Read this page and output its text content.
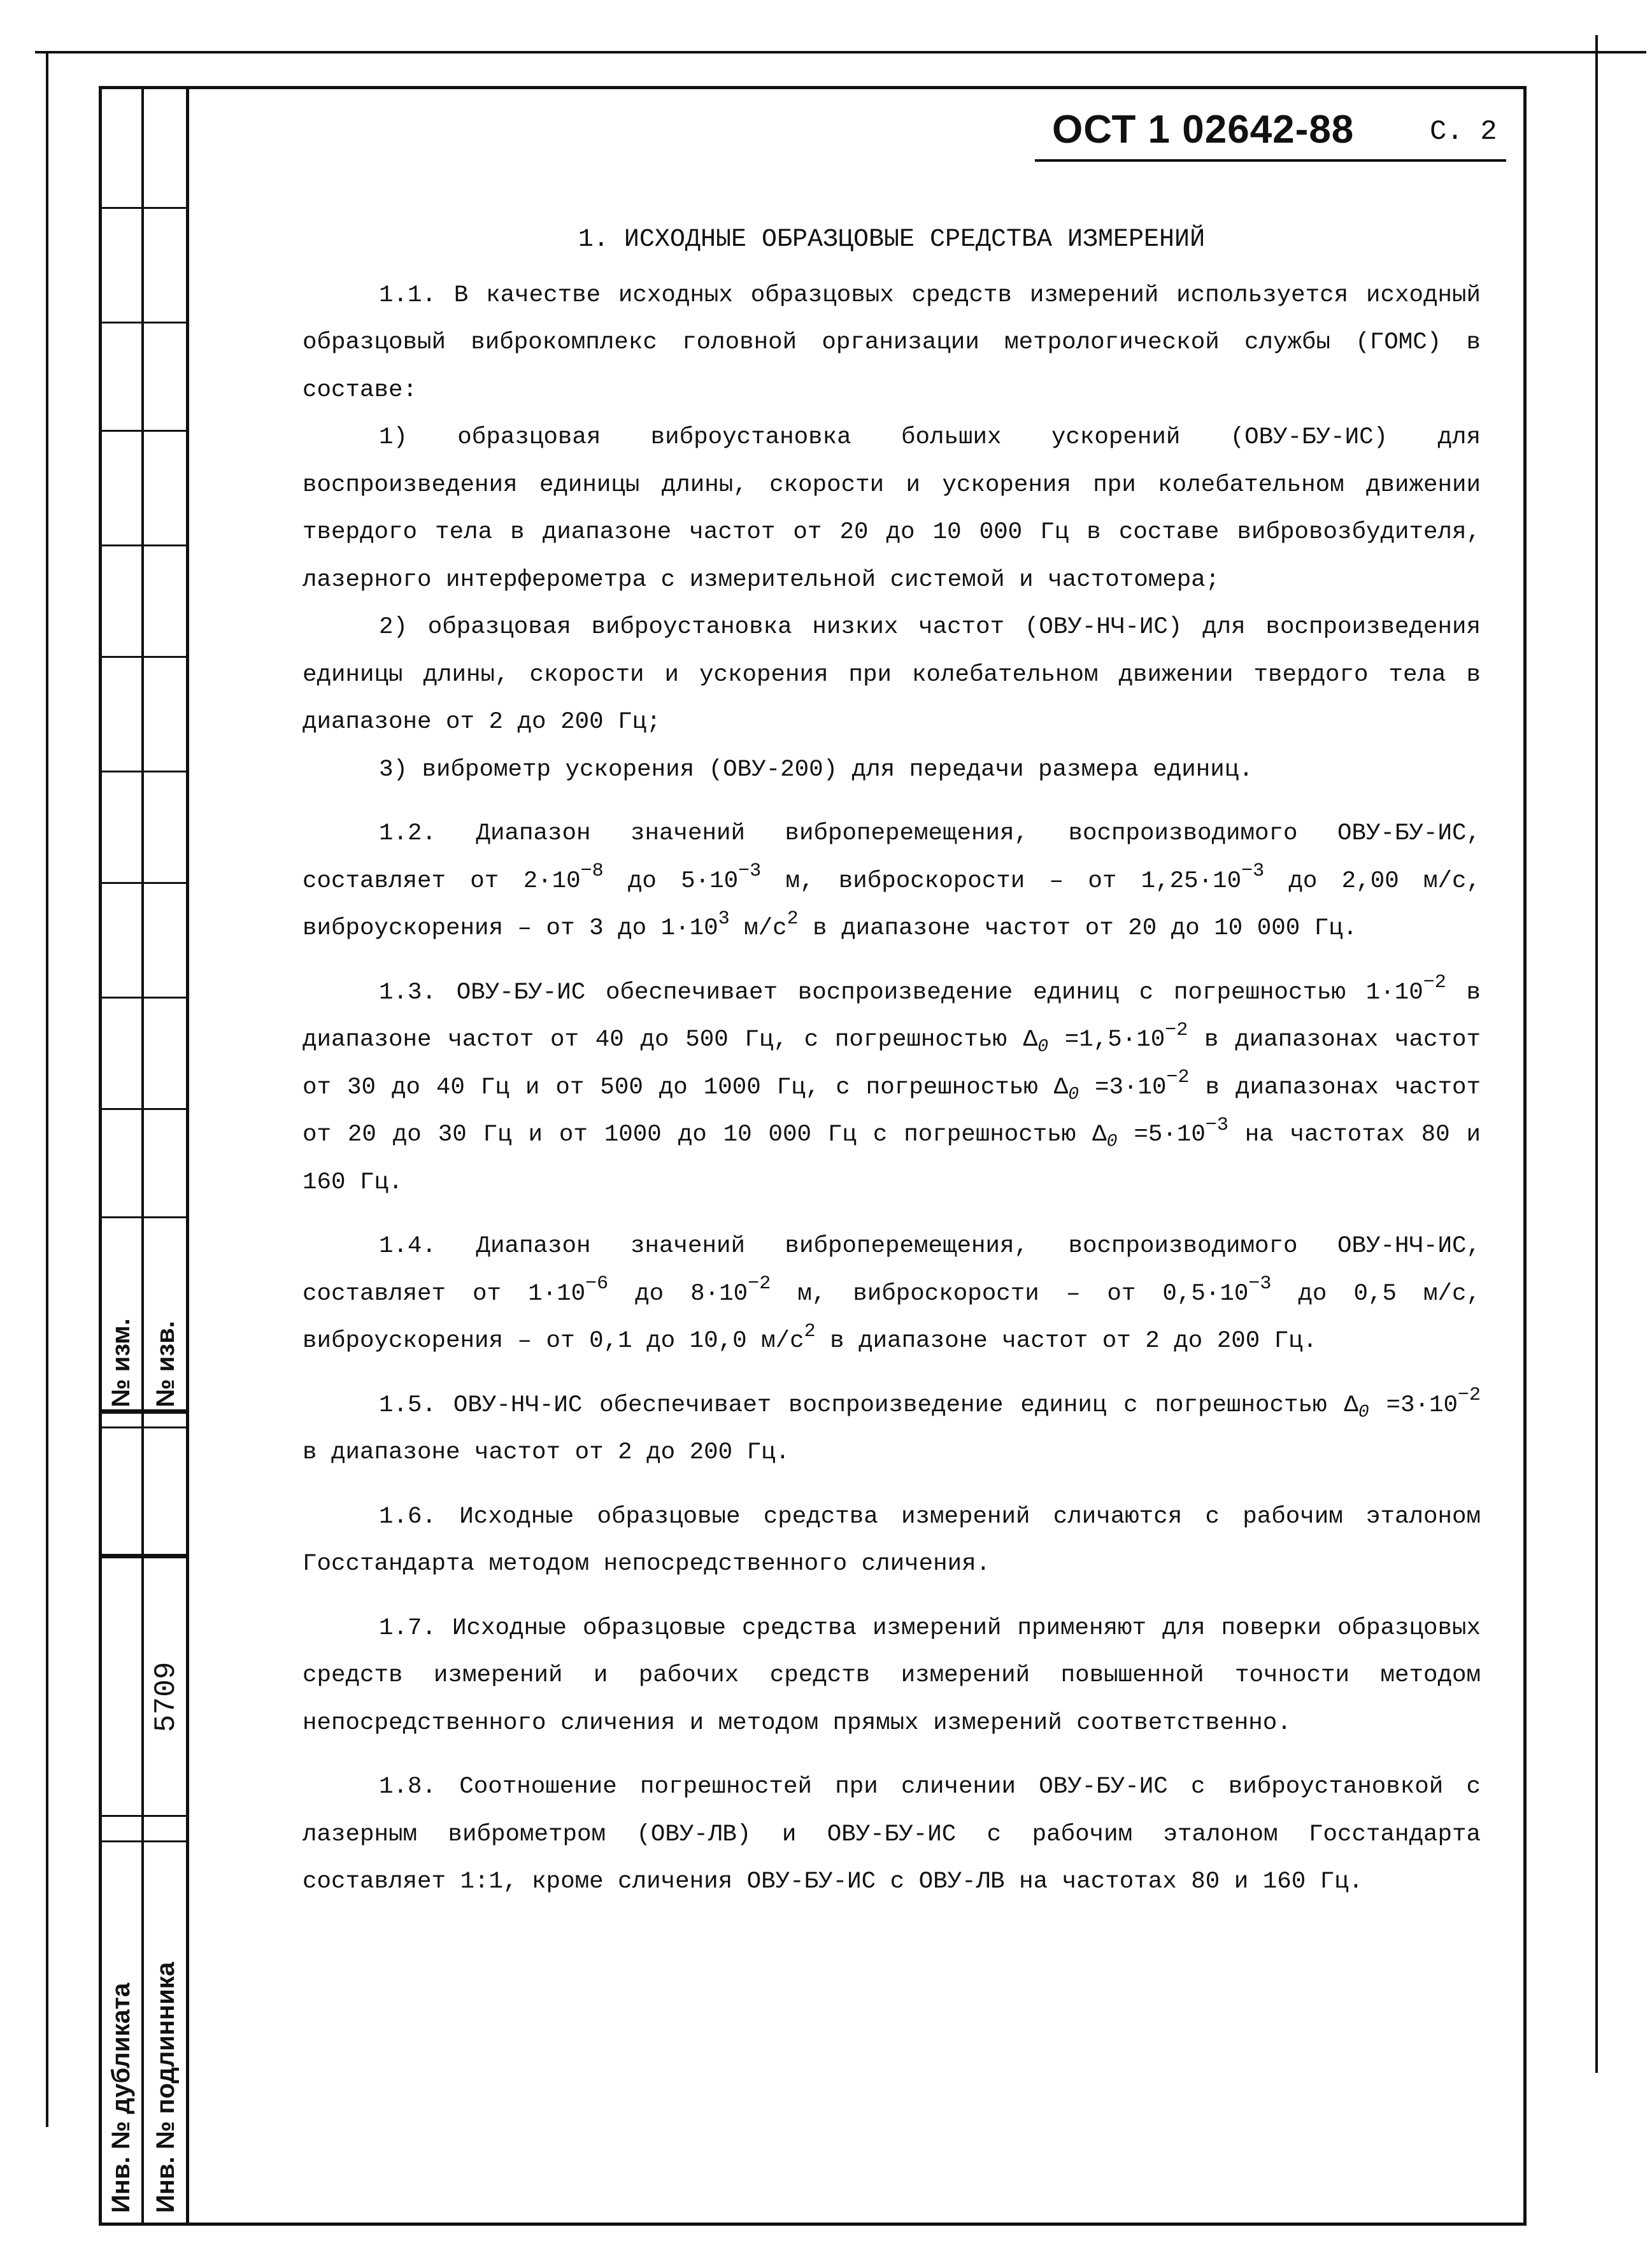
№ изм. № изв.
5709
Инв. № дубликата Инв. № подлинника
ОСТ 1 02642-88	С. 2

1. ИСХОДНЫЕ ОБРАЗЦОВЫЕ СРЕДСТВА ИЗМЕРЕНИЙ

1.1. В качестве исходных образцовых средств измерений используется исходный образцовый виброкомплекс головной организации метрологической службы (ГОМС) в составе:

1) образцовая виброустановка больших ускорений (ОВУ-БУ-ИС) для воспроизведения единицы длины, скорости и ускорения при колебательном движении твердого тела в диапазоне частот от 20 до 10 000 Гц в составе вибровозбудителя, лазерного интерферометра с измерительной системой и частотомера;

2) образцовая виброустановка низких частот (ОВУ-НЧ-ИС) для воспроизведения единицы длины, скорости и ускорения при колебательном движении твердого тела в диапазоне от 2 до 200 Гц;

3) виброметр ускорения (ОВУ-200) для передачи размера единиц.

1.2. Диапазон значений виброперемещения, воспроизводимого ОВУ-БУ-ИС, составляет от $2\cdot 10^{-8}$ до $5\cdot 10^{-3}$ м, виброскорости – от $1,25\cdot 10^{-3}$ до 2,00 м/с, виброускорения – от 3 до $1\cdot 10^3$ $м/с^2$ в диапазоне частот от 20 до 10 000 Гц.

1.3. ОВУ-БУ-ИС обеспечивает воспроизведение единиц с погрешностью $1\cdot 10^{-2}$ в диапазоне частот от 40 до 500 Гц, с погрешностью $\Delta_0 =1,5\cdot 10^{-2}$ в диапазонах частот от 30 до 40 Гц и от 500 до 1000 Гц, с погрешностью $\Delta_0 =3\cdot 10^{-2}$ в диапазонах частот от 20 до 30 Гц и от 1000 до 10 000 Гц с погрешностью $\Delta_0 =5\cdot 10^{-3}$ на частотах 80 и 160 Гц.

1.4. Диапазон значений виброперемещения, воспроизводимого ОВУ-НЧ-ИС, составляет от $1\cdot 10^{-6}$ до $8\cdot 10^{-2}$ м, виброскорости – от $0,5\cdot 10^{-3}$ до 0,5 м/с, виброускорения – от 0,1 до 10,0 $м/с^2$ в диапазоне частот от 2 до 200 Гц.

1.5. ОВУ-НЧ-ИС обеспечивает воспроизведение единиц с погрешностью $\Delta_0 =3\cdot 10^{-2}$ в диапазоне частот от 2 до 200 Гц.

1.6. Исходные образцовые средства измерений сличаются с рабочим эталоном Госстандарта методом непосредственного сличения.

1.7. Исходные образцовые средства измерений применяют для поверки образцовых средств измерений и рабочих средств измерений повышенной точности методом непосредственного сличения и методом прямых измерений соответственно.

1.8. Соотношение погрешностей при сличении ОВУ-БУ-ИС с виброустановкой с лазерным виброметром (ОВУ-ЛВ) и ОВУ-БУ-ИС с рабочим эталоном Госстандарта составляет 1:1, кроме сличения ОВУ-БУ-ИС с ОВУ-ЛВ на частотах 80 и 160 Гц.
